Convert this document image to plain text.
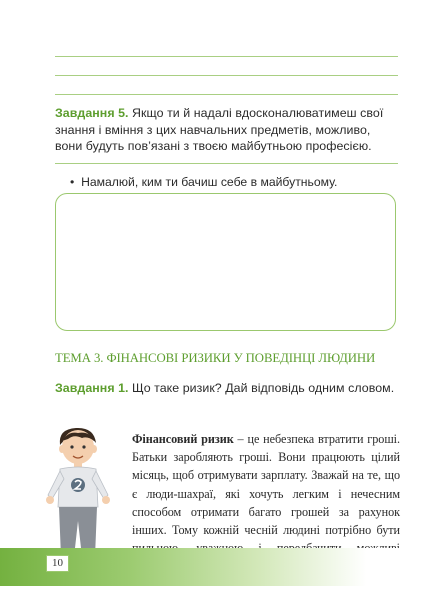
Завдання 5. Якщо ти й надалі вдосконалюватимеш свої знання і вміння з цих навчальних предметів, можливо, вони будуть пов’язані з твоєю майбутньою професією.
• Намалюй, ким ти бачиш себе в майбутньому.
ТЕМА 3. ФІНАНСОВІ РИЗИКИ У ПОВЕДІНЦІ ЛЮДИНИ
Завдання 1. Що таке ризик? Дай відповідь одним словом.
Фінансовий ризик – це небезпека втратити гроші. Батьки заробляють гроші. Вони працюють цілий місяць, щоб отримувати зарплату. Зважай на те, що є люди-шахраї, які хочуть легким і нечесним способом отримати багато грошей за рахунок інших. Тому кожній чесній людині потрібно бути
10
